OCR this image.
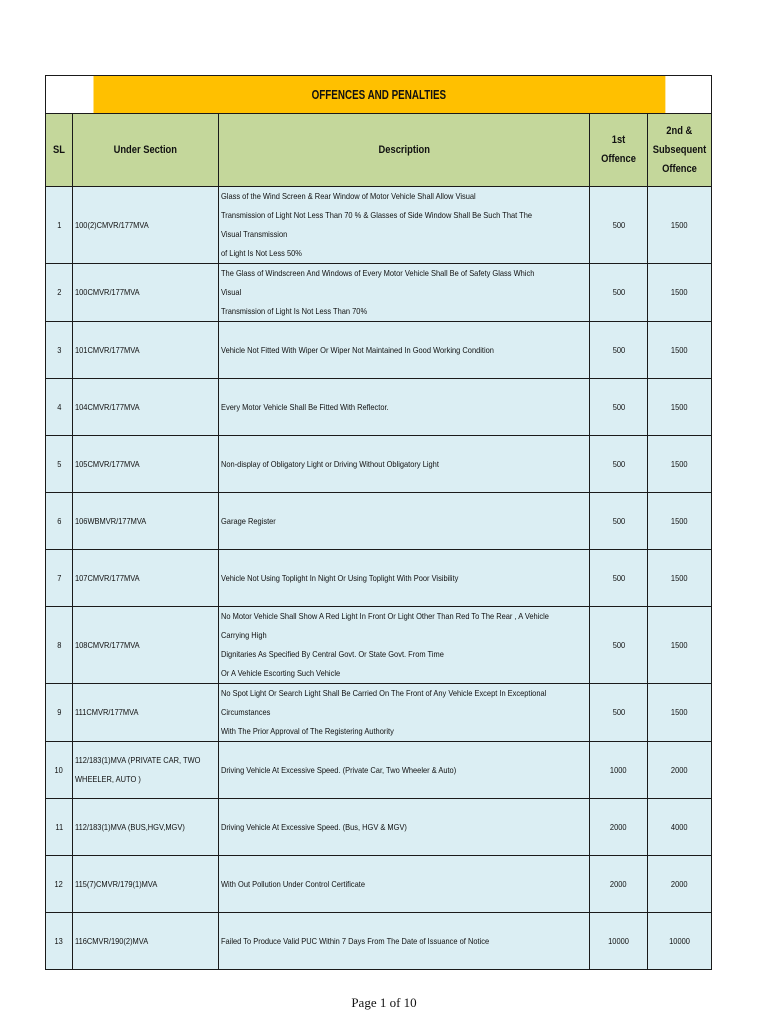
OFFENCES AND PENALTIES				
SL	Under Section	Description	1st Offence	2nd &
Subsequent
Offence
1	100(2)CMVR/177MVA	Glass of the Wind Screen & Rear Window of Motor Vehicle Shall Allow Visual
Transmission of Light Not Less Than 70 % & Glasses of Side Window Shall Be Such That The Visual Transmission
of Light Is Not Less 50%	500	1500
2	100CMVR/177MVA	The Glass of Windscreen And Windows of Every Motor Vehicle Shall Be of Safety Glass Which Visual
Transmission of Light Is Not Less Than 70%	500	1500
3	101CMVR/177MVA	Vehicle Not Fitted With Wiper Or Wiper Not Maintained In Good Working Condition	500	1500
4	104CMVR/177MVA	Every Motor Vehicle Shall Be Fitted With Reflector.	500	1500
5	105CMVR/177MVA	Non-display of Obligatory Light or Driving Without Obligatory Light	500	1500
6	106WBMVR/177MVA	Garage Register	500	1500
7	107CMVR/177MVA	Vehicle Not Using Toplight In Night Or Using Toplight With Poor Visibility	500	1500
8	108CMVR/177MVA	No Motor Vehicle Shall Show A Red Light In Front Or Light Other Than Red To The Rear , A Vehicle Carrying High
Dignitaries As Specified By Central Govt. Or State Govt. From Time
Or A Vehicle Escorting Such Vehicle	500	1500
9	111CMVR/177MVA	No Spot Light Or Search Light Shall Be Carried On The Front of Any Vehicle Except In Exceptional Circumstances
With The Prior Approval of The Registering Authority	500	1500
10	112/183(1)MVA (PRIVATE CAR, TWO
WHEELER, AUTO )	Driving Vehicle At Excessive Speed. (Private Car, Two Wheeler & Auto)	1000	2000
11	112/183(1)MVA (BUS,HGV,MGV)	Driving Vehicle At Excessive Speed. (Bus, HGV & MGV)	2000	4000
12	115(7)CMVR/179(1)MVA	With Out Pollution Under Control Certificate	2000	2000
13	116CMVR/190(2)MVA	Failed To Produce Valid PUC Within 7 Days From The Date of Issuance of Notice	10000	10000
Page 1 of 10
